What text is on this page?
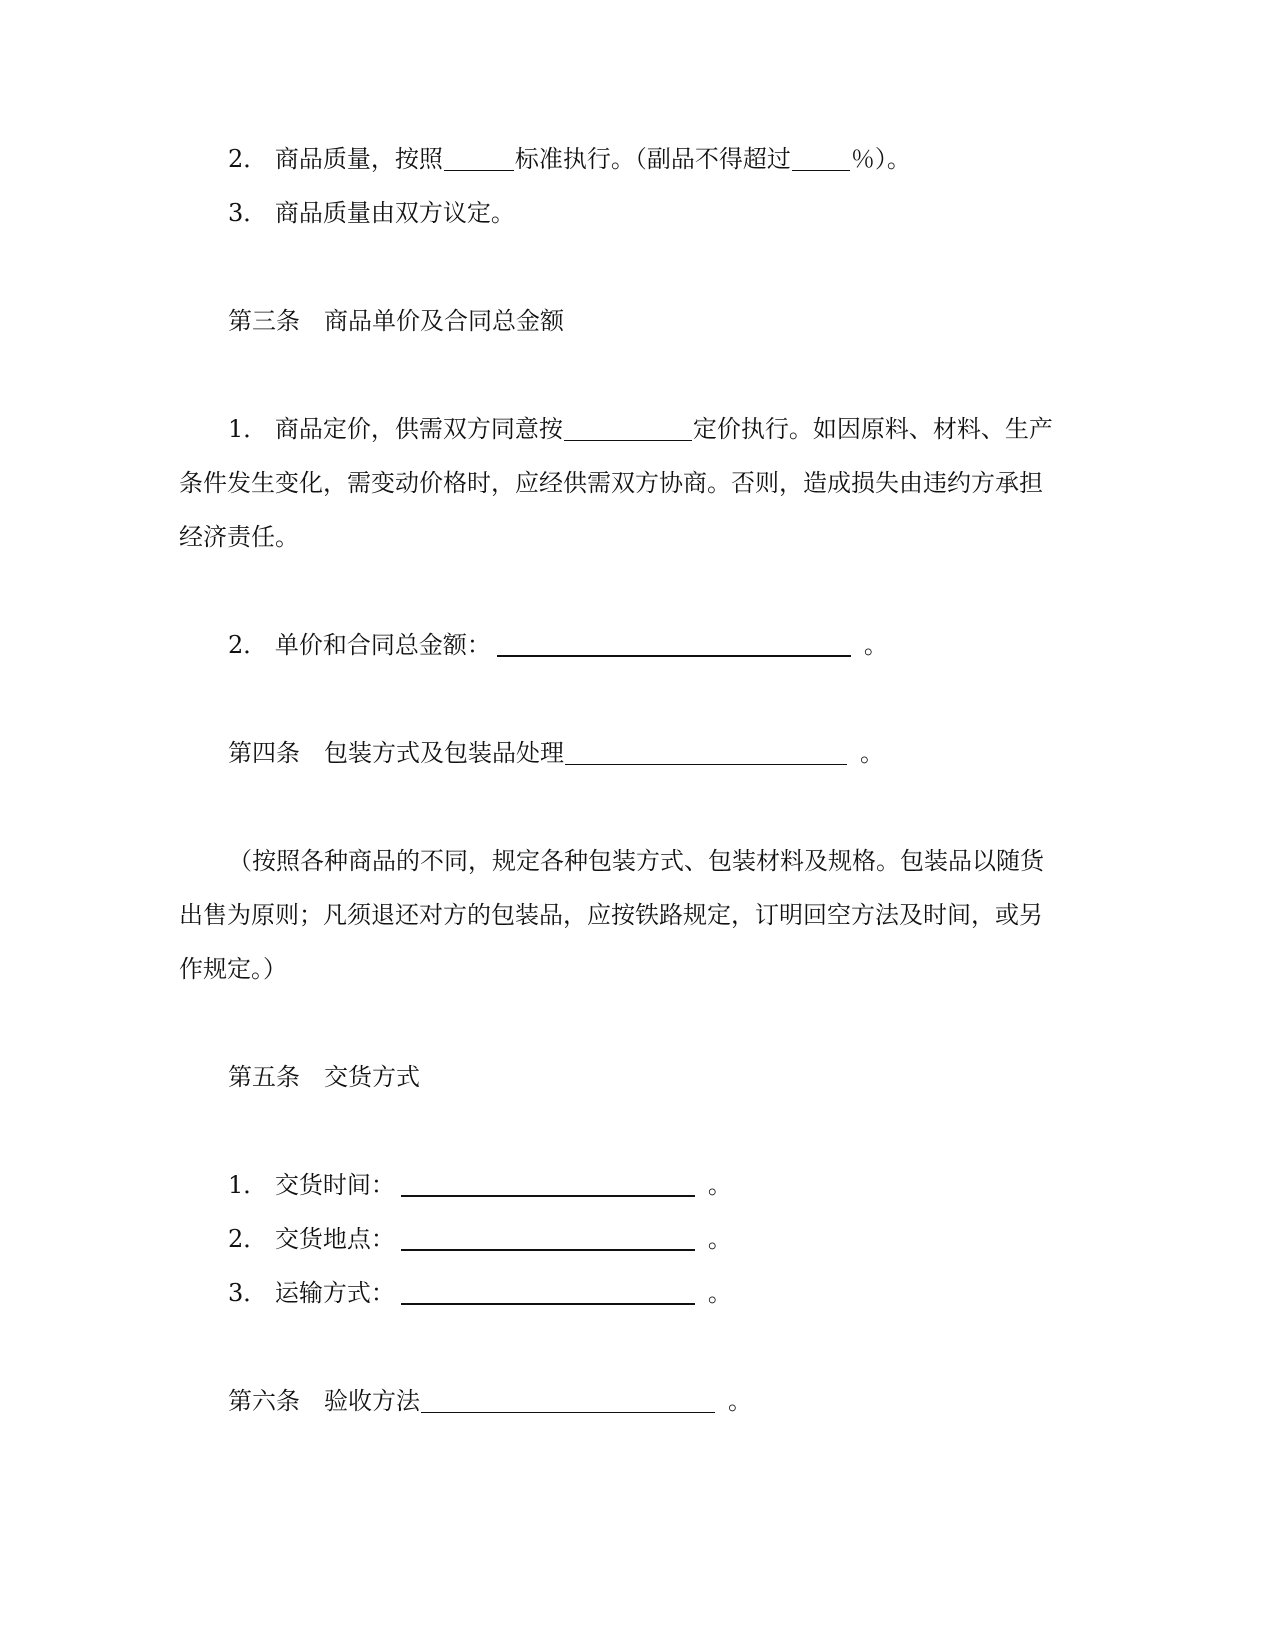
2． 商品质量，按照	标准执行。（副品不得超过	％）。
3． 商品质量由双方议定。
第三条 商品单价及合同总金额
1． 商品定价，供需双方同意按	定价执行。如因原料、材料、生产
条件发生变化，需变动价格时，应经供需双方协商。否则，造成损失由违约方承担
经济责任。
2． 单价和合同总金额：	。
第四条 包装方式及包装品处理	。
（按照各种商品的不同，规定各种包装方式、包装材料及规格。包装品以随货
出售为原则；凡须退还对方的包装品，应按铁路规定，订明回空方法及时间，或另
作规定。）
第五条 交货方式
1． 交货时间：	。
2． 交货地点：	。
3． 运输方式：	。
第六条 验收方法	。
